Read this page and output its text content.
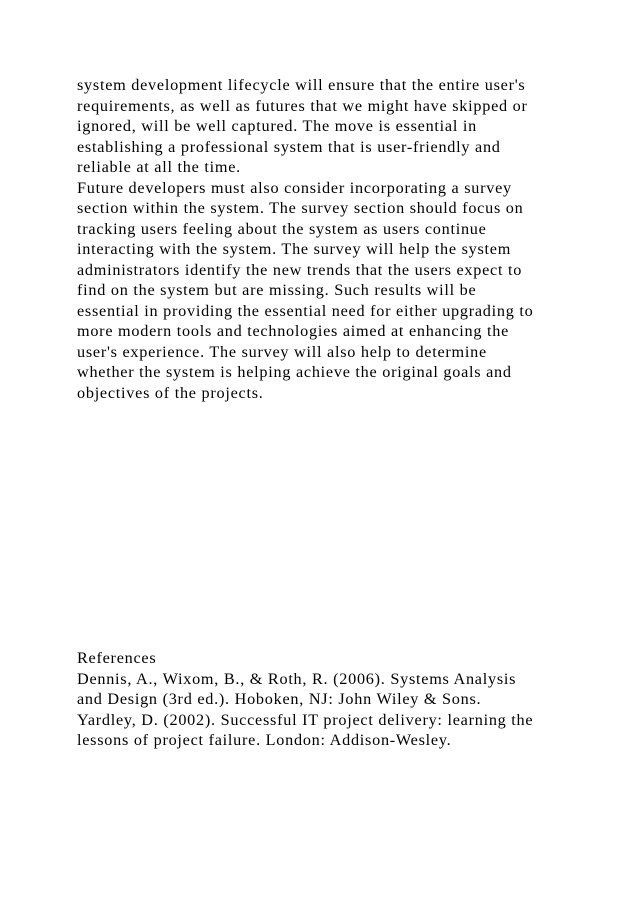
system development lifecycle will ensure that the entire user's
requirements, as well as futures that we might have skipped or
ignored, will be well captured. The move is essential in
establishing a professional system that is user-friendly and
reliable at all the time.
Future developers must also consider incorporating a survey
section within the system. The survey section should focus on
tracking users feeling about the system as users continue
interacting with the system. The survey will help the system
administrators identify the new trends that the users expect to
find on the system but are missing. Such results will be
essential in providing the essential need for either upgrading to
more modern tools and technologies aimed at enhancing the
user's experience. The survey will also help to determine
whether the system is helping achieve the original goals and
objectives of the projects.
References
Dennis, A., Wixom, B., & Roth, R. (2006). Systems Analysis
and Design (3rd ed.). Hoboken, NJ: John Wiley & Sons.
Yardley, D. (2002). Successful IT project delivery: learning the
lessons of project failure. London: Addison-Wesley.
